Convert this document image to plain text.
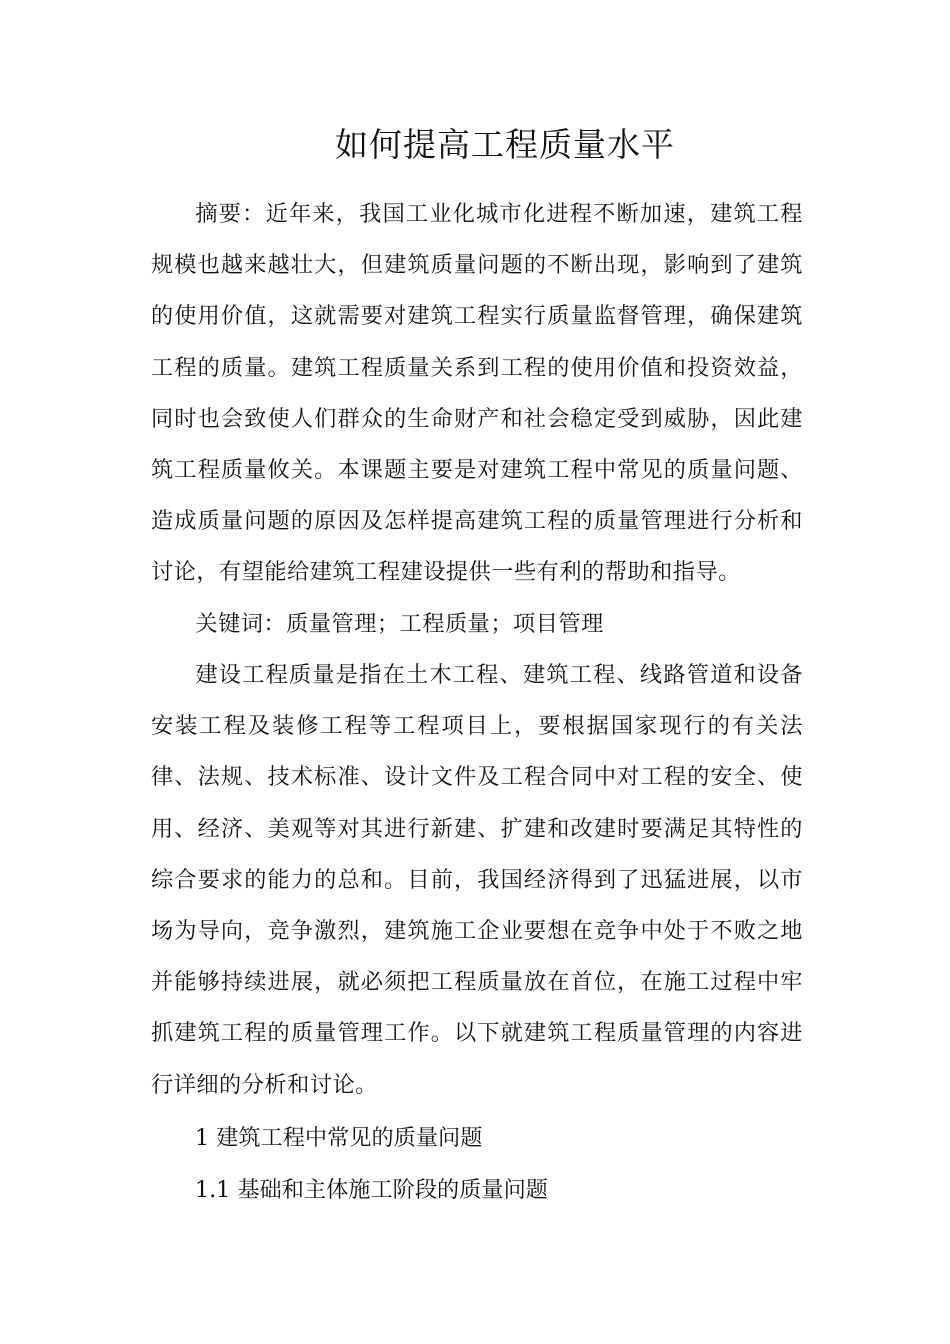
如何提高工程质量水平

摘要：近年来，我国工业化城市化进程不断加速，建筑工程规模也越来越壮大，但建筑质量问题的不断出现，影响到了建筑的使用价值，这就需要对建筑工程实行质量监督管理，确保建筑工程的质量。建筑工程质量关系到工程的使用价值和投资效益，同时也会致使人们群众的生命财产和社会稳定受到威胁，因此建筑工程质量攸关。本课题主要是对建筑工程中常见的质量问题、造成质量问题的原因及怎样提高建筑工程的质量管理进行分析和讨论，有望能给建筑工程建设提供一些有利的帮助和指导。

关键词：质量管理；工程质量；项目管理

建设工程质量是指在土木工程、建筑工程、线路管道和设备安装工程及装修工程等工程项目上，要根据国家现行的有关法律、法规、技术标准、设计文件及工程合同中对工程的安全、使用、经济、美观等对其进行新建、扩建和改建时要满足其特性的综合要求的能力的总和。目前，我国经济得到了迅猛进展，以市场为导向，竞争激烈，建筑施工企业要想在竞争中处于不败之地并能够持续进展，就必须把工程质量放在首位，在施工过程中牢抓建筑工程的质量管理工作。以下就建筑工程质量管理的内容进行详细的分析和讨论。

1 建筑工程中常见的质量问题
1.1 基础和主体施工阶段的质量问题
